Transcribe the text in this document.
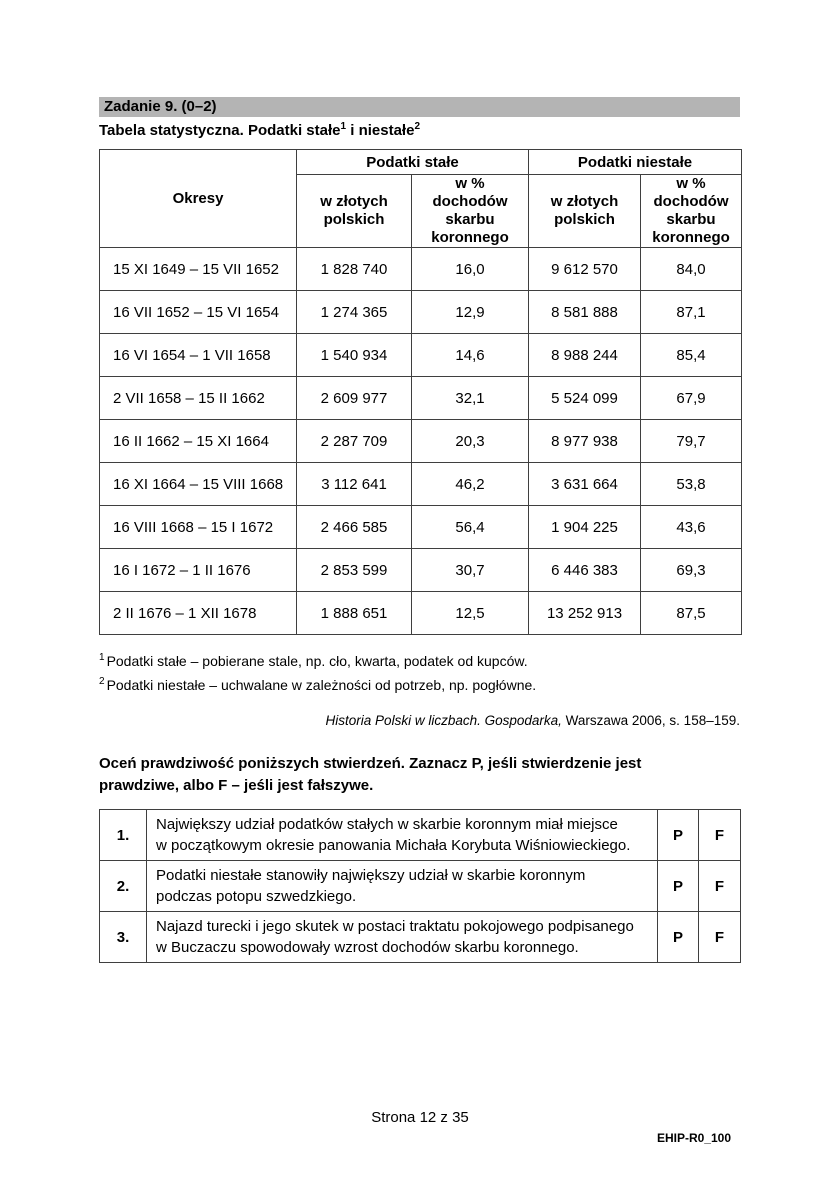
Zadanie 9. (0–2)
Tabela statystyczna. Podatki stałe$^1$ i niestałe$^2$
Okresy	Podatki stałe		Podatki niestałe	
	w złotych polskich	w % dochodów skarbu koronnego	w złotych polskich	w % dochodów skarbu koronnego
15 XI 1649 – 15 VII 1652	1 828 740	16,0	9 612 570	84,0
16 VII 1652 – 15 VI 1654	1 274 365	12,9	8 581 888	87,1
16 VI 1654 – 1 VII 1658	1 540 934	14,6	8 988 244	85,4
2 VII 1658 – 15 II 1662	2 609 977	32,1	5 524 099	67,9
16 II 1662 – 15 XI 1664	2 287 709	20,3	8 977 938	79,7
16 XI 1664 – 15 VIII 1668	3 112 641	46,2	3 631 664	53,8
16 VIII 1668 – 15 I 1672	2 466 585	56,4	1 904 225	43,6
16 I 1672 – 1 II 1676	2 853 599	30,7	6 446 383	69,3
2 II 1676 – 1 XII 1678	1 888 651	12,5	13 252 913	87,5
$^1$ Podatki stałe – pobierane stale, np. cło, kwarta, podatek od kupców.
$^2$ Podatki niestałe – uchwalane w zależności od potrzeb, np. pogłówne.
Historia Polski w liczbach. Gospodarka, Warszawa 2006, s. 158–159.
Oceń prawdziwość poniższych stwierdzeń. Zaznacz P, jeśli stwierdzenie jest
prawdziwe, albo F – jeśli jest fałszywe.
1.	Największy udział podatków stałych w skarbie koronnym miał miejsce
w początkowym okresie panowania Michała Korybuta Wiśniowieckiego.	P	F
2.	Podatki niestałe stanowiły największy udział w skarbie koronnym
podczas potopu szwedzkiego.	P	F
3.	Najazd turecki i jego skutek w postaci traktatu pokojowego podpisanego
w Buczaczu spowodowały wzrost dochodów skarbu koronnego.	P	F
Strona 12 z 35
EHIP-R0_100
